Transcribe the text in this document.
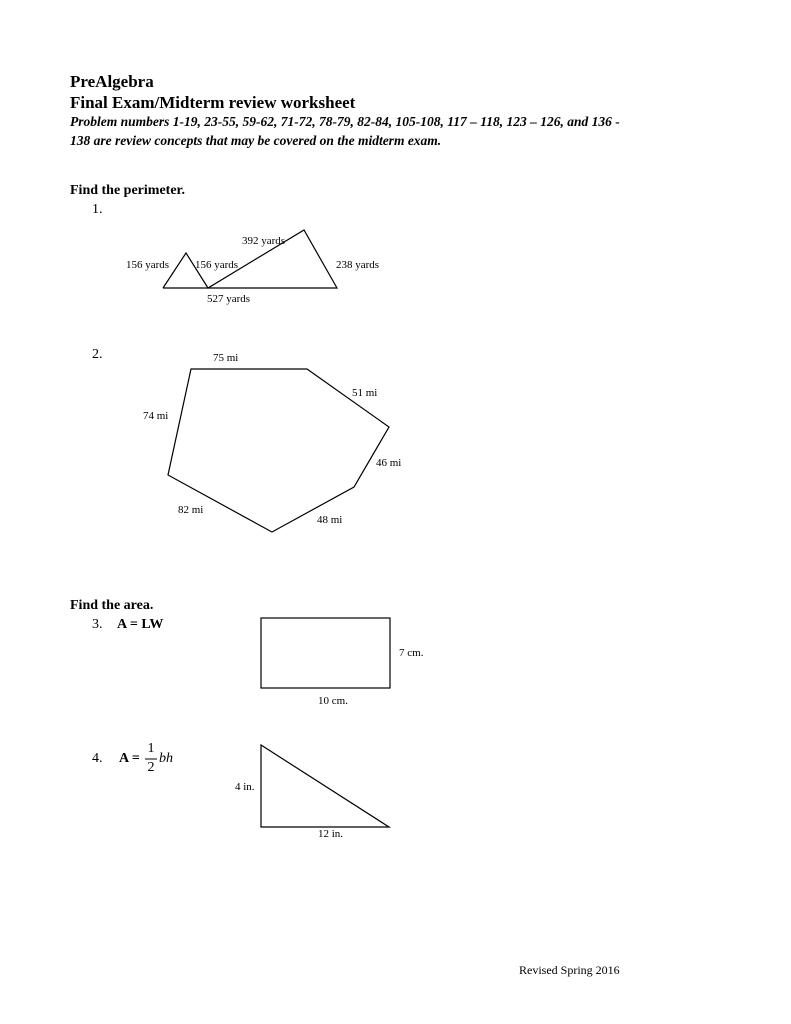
PreAlgebra
Final Exam/Midterm review worksheet
Problem numbers 1-19, 23-55, 59-62, 71-72, 78-79, 82-84, 105-108, 117 – 118, 123 – 126, and 136 -
138 are review concepts that may be covered on the midterm exam.
Find the perimeter.
1.
156 yards 156 yards
392 yards
238 yards
527 yards
2.	75 mi
51 mi
74 mi
46 mi
82 mi
48 mi
Find the area.
3. A = LW
7 cm.
10 cm.
4. A =
1
2
bh
4 in.
12 in.
Revised Spring 2016
